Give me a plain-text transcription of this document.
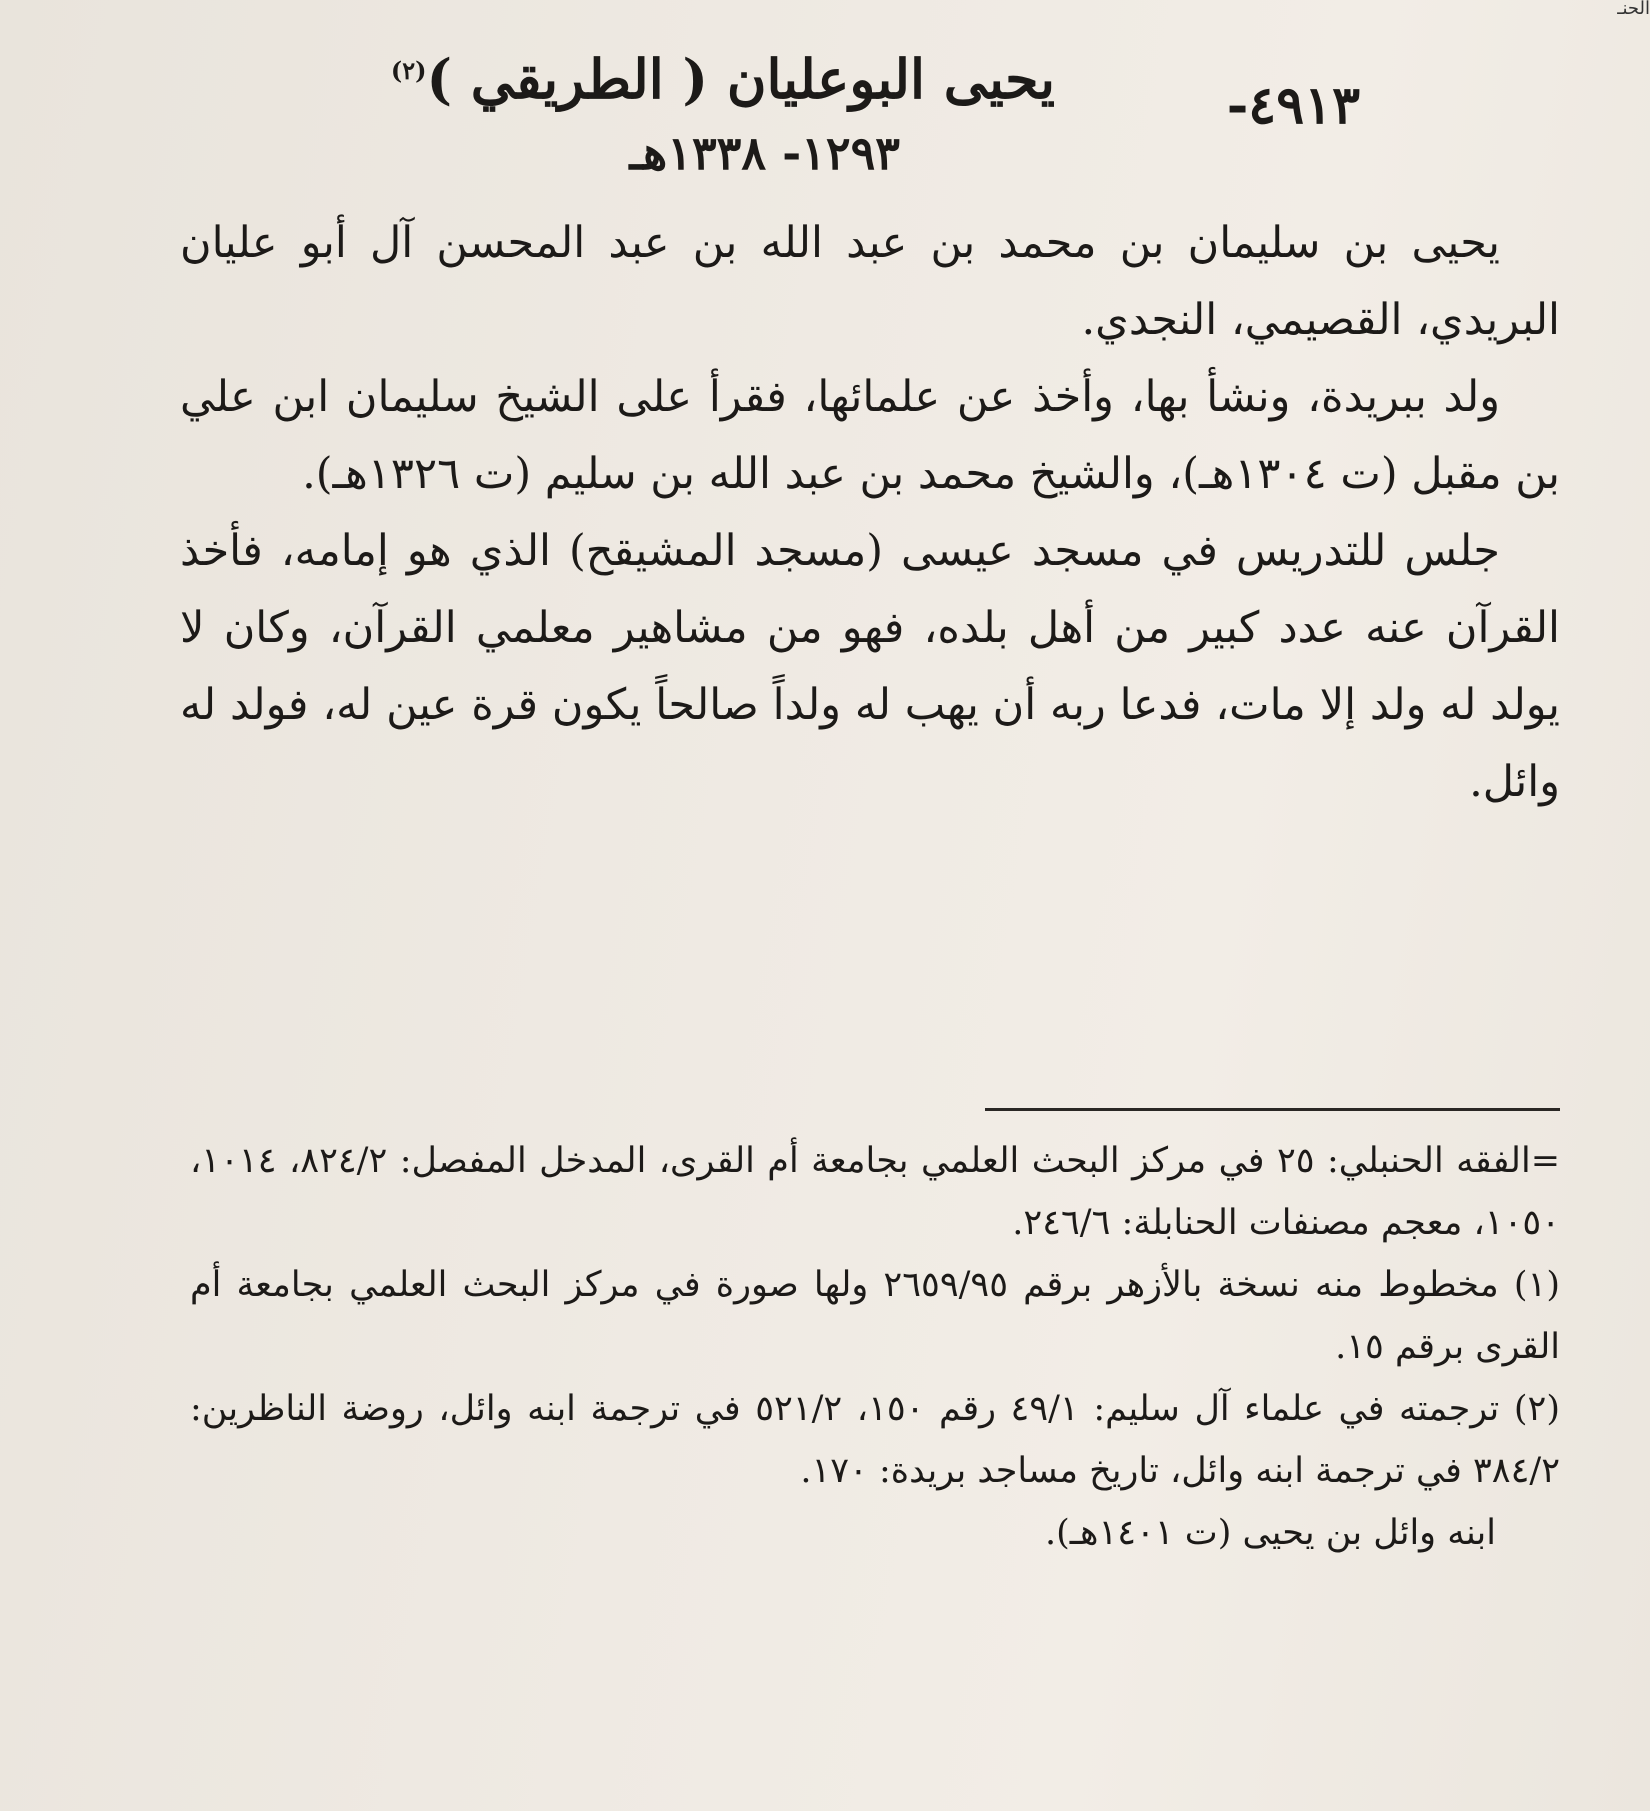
الحنـ
٤٩١٣-
يحيى البوعليان ( الطريقي )$^{(٢)}$
١٢٩٣- ١٣٣٨هـ

يحيى بن سليمان بن محمد بن عبد الله بن عبد المحسن آل أبو عليان البريدي، القصيمي، النجدي.

ولد ببريدة، ونشأ بها، وأخذ عن علمائها، فقرأ على الشيخ سليمان ابن علي بن مقبل (ت ١٣٠٤هـ)، والشيخ محمد بن عبد الله بن سليم (ت ١٣٢٦هـ).

جلس للتدريس في مسجد عيسى (مسجد المشيقح) الذي هو إمامه، فأخذ القرآن عنه عدد كبير من أهل بلده، فهو من مشاهير معلمي القرآن، وكان لا يولد له ولد إلا مات، فدعا ربه أن يهب له ولداً صالحاً يكون قرة عين له، فولد له وائل.

=الفقه الحنبلي: ٢٥ في مركز البحث العلمي بجامعة أم القرى، المدخل المفصل: ٨٢٤/٢، ١٠١٤، ١٠٥٠، معجم مصنفات الحنابلة: ٢٤٦/٦.

(١) مخطوط منه نسخة بالأزهر برقم ٢٦٥٩/٩٥ ولها صورة في مركز البحث العلمي بجامعة أم القرى برقم ١٥.

(٢) ترجمته في علماء آل سليم: ٤٩/١ رقم ١٥٠، ٥٢١/٢ في ترجمة ابنه وائل، روضة الناظرين: ٣٨٤/٢ في ترجمة ابنه وائل، تاريخ مساجد بريدة: ١٧٠.

ابنه وائل بن يحيى (ت ١٤٠١هـ).
